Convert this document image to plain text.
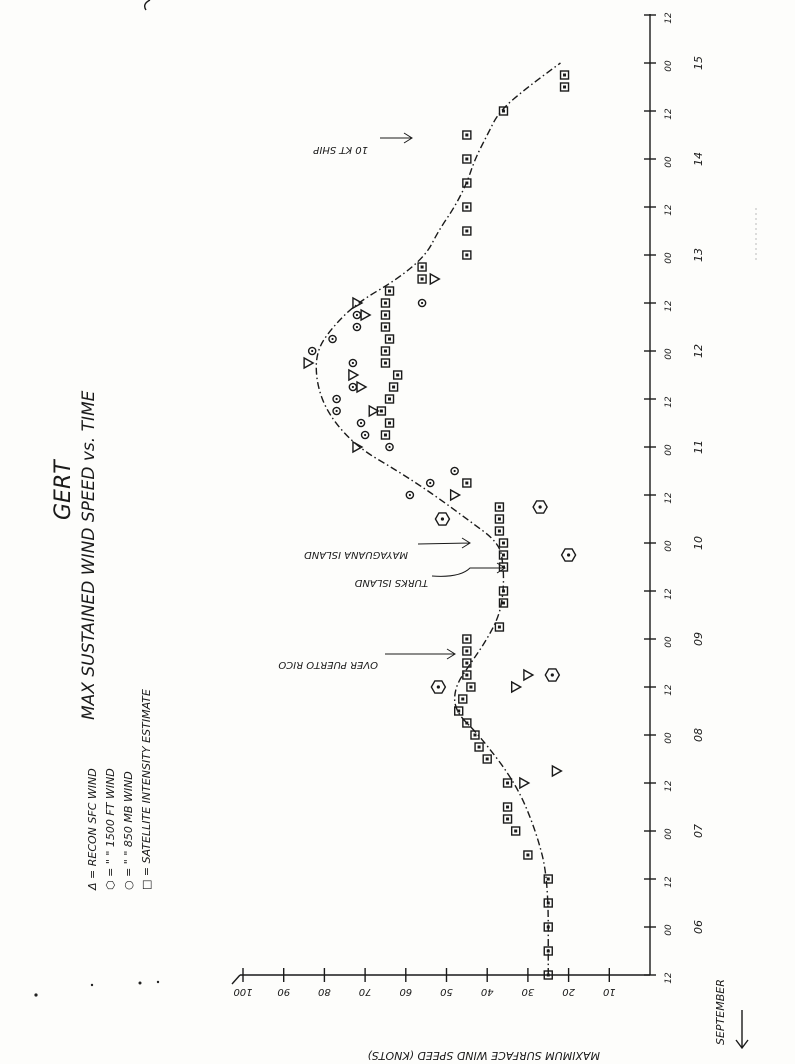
GERT MAX SUSTAINED WIND SPEED vs. TIME
Δ = RECON SFC WIND ⬡ = " " 1500 FT WIND ○ = " " 850 MB WIND □ = SATELLITE INTENSITY ESTIMATE
MAXIMUM SURFACE WIND SPEED (KNOTS)
SEPTEMBER
10
20
30
40
50
60
70
80
90
100
12
00
12
00
12
00
12
00
12
00
12
00
12
00
12
00
12
00
12
00
12
06
07
08
09
10
11
12
13
14
15
10 KT SHIP
OVER PUERTO RICO
TURKS ISLAND
MAYAGUANA ISLAND
